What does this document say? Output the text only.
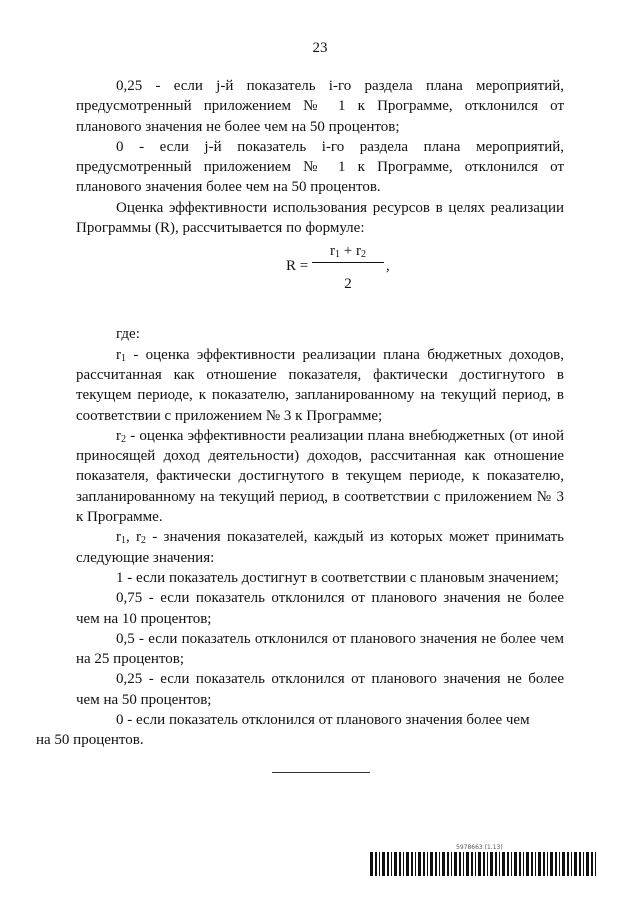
23

0,25 - если j-й показатель i-го раздела плана мероприятий, предусмотренный приложением № 1 к Программе, отклонился от планового значения не более чем на 50 процентов;

0 - если j-й показатель i-го раздела плана мероприятий, предусмотренный приложением № 1 к Программе, отклонился от планового значения более чем на 50 процентов.

Оценка эффективности использования ресурсов в целях реализации Программы (R), рассчитывается по формуле:

R =
$r_1 + r_2$
2
,

где:

$r_1$ - оценка эффективности реализации плана бюджетных доходов, рассчитанная как отношение показателя, фактически достигнутого в текущем периоде, к показателю, запланированному на текущий период, в соответствии с приложением № 3 к Программе;

$r_2$ - оценка эффективности реализации плана внебюджетных (от иной приносящей доход деятельности) доходов, рассчитанная как отношение показателя, фактически достигнутого в текущем периоде, к показателю, запланированному на текущий период, в соответствии с приложением № 3 к Программе.

$r_1$, $r_2$ - значения показателей, каждый из которых может принимать следующие значения:

1 - если показатель достигнут в соответствии с плановым значением;

0,75 - если показатель отклонился от планового значения не более чем на 10 процентов;

0,5 - если показатель отклонился от планового значения не более чем на 25 процентов;

0,25 - если показатель отклонился от планового значения не более чем на 50 процентов;

0 - если показатель отклонился от планового значения более чем
на 50 процентов.

5978663 (1.13)
